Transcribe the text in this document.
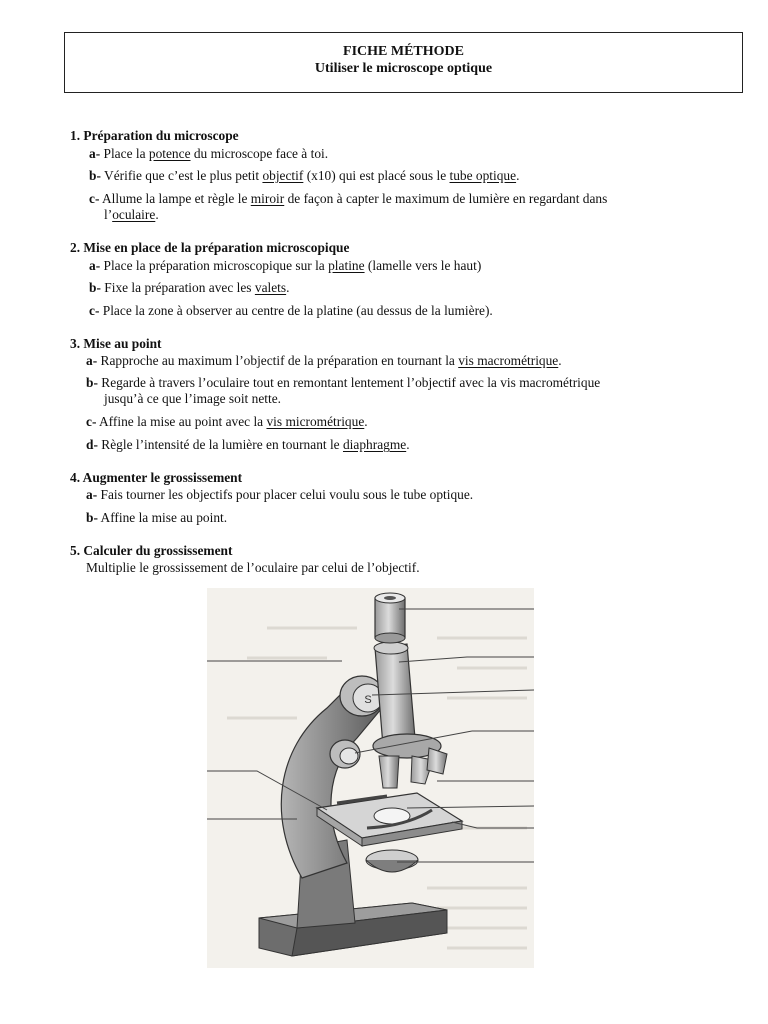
FICHE MÉTHODE
Utiliser le microscope optique
1. Préparation du microscope
a- Place la potence du microscope face à toi.
b- Vérifie que c’est le plus petit objectif (x10) qui est placé sous le tube optique.
c- Allume la lampe et règle le miroir de façon à capter le maximum de lumière en regardant dans
l’oculaire.
2. Mise en place de la préparation microscopique
a- Place la préparation microscopique sur la platine (lamelle vers le haut)
b- Fixe la préparation avec les valets.
c- Place la zone à observer au centre de la platine (au dessus de la lumière).
3. Mise au point
a- Rapproche au maximum l’objectif de la préparation en tournant la vis macrométrique.
b- Regarde à travers l’oculaire tout en remontant lentement l’objectif avec la vis macrométrique
jusqu’à ce que l’image soit nette.
c- Affine la mise au point avec la vis micrométrique.
d- Règle l’intensité de la lumière en tournant le diaphragme.
4. Augmenter le grossissement
a- Fais tourner les objectifs pour placer celui voulu sous le tube optique.
b- Affine la mise au point.
5. Calculer du grossissement
Multiplie le grossissement de l’oculaire par celui de l’objectif.
S
